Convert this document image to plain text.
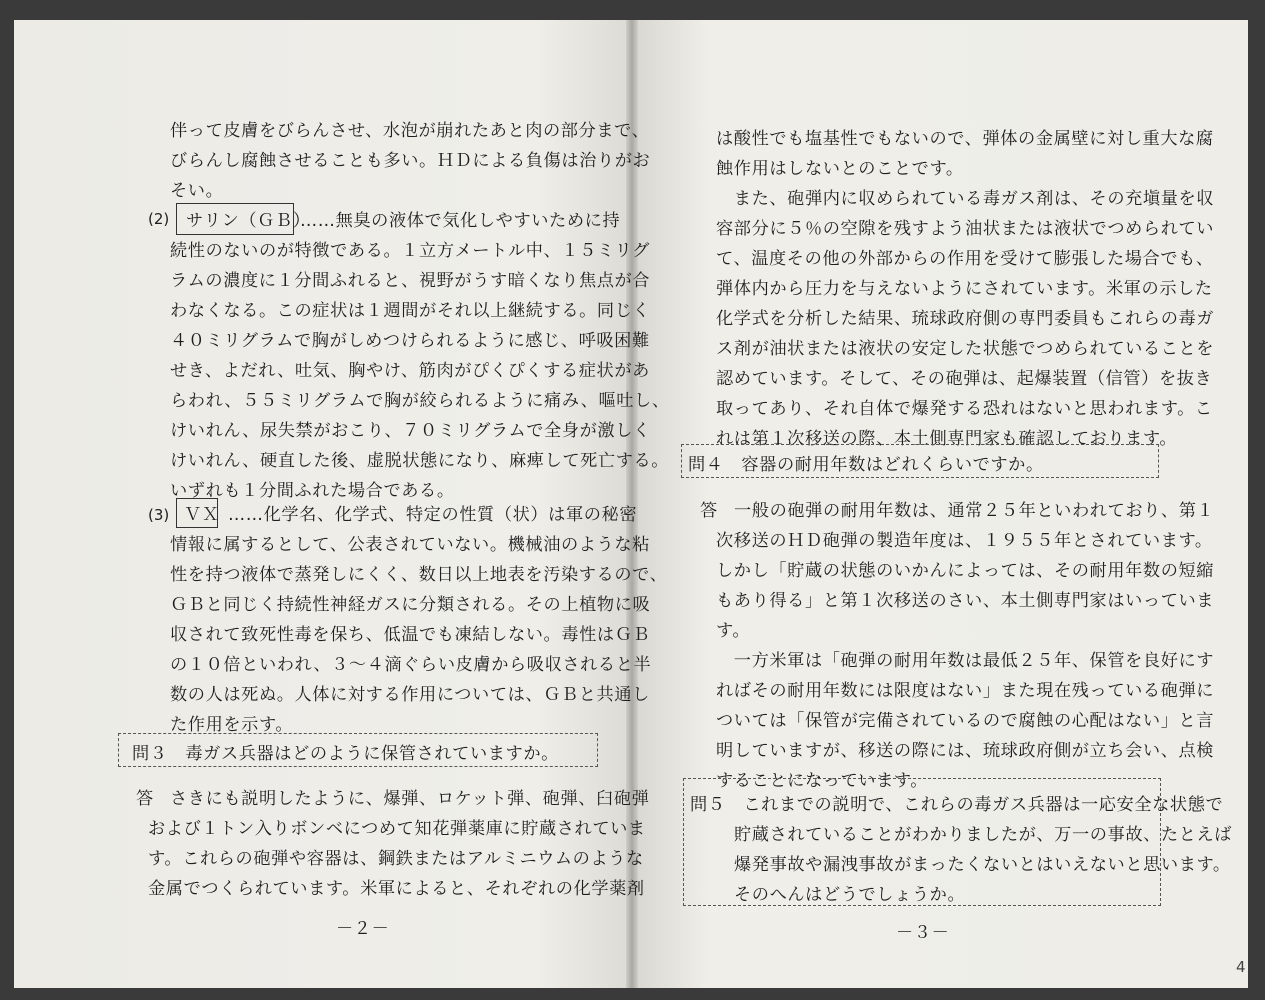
伴って皮膚をびらんさせ、水泡が崩れたあと肉の部分まで、
びらんし腐蝕させることも多い。ＨＤによる負傷は治りがお
そい。
(2) サリン（ＧＢ）
……無臭の液体で気化しやすいために持
続性のないのが特徴である。１立方メートル中、１５ミリグ
ラムの濃度に１分間ふれると、視野がうす暗くなり焦点が合
わなくなる。この症状は１週間がそれ以上継続する。同じく
４０ミリグラムで胸がしめつけられるように感じ、呼吸困難
せき、よだれ、吐気、胸やけ、筋肉がぴくぴくする症状があ
らわれ、５５ミリグラムで胸が絞られるように痛み、嘔吐し、
けいれん、尿失禁がおこり、７０ミリグラムで全身が激しく
けいれん、硬直した後、虚脱状態になり、麻痺して死亡する。
いずれも１分間ふれた場合である。
(3) ＶＸ ……化学名、化学式、特定の性質（状）は軍の秘密
情報に属するとして、公表されていない。機械油のような粘
性を持つ液体で蒸発しにくく、数日以上地表を汚染するので、
ＧＢと同じく持続性神経ガスに分類される。その上植物に吸
収されて致死性毒を保ち、低温でも凍結しない。毒性はＧＢ
の１０倍といわれ、３〜４滴ぐらい皮膚から吸収されると半
数の人は死ぬ。人体に対する作用については、ＧＢと共通し
た作用を示す。
問３　毒ガス兵器はどのように保管されていますか。
答 さきにも説明したように、爆弾、ロケット弾、砲弾、臼砲弾
および１トン入りボンベにつめて知花弾薬庫に貯蔵されていま
す。これらの砲弾や容器は、鋼鉄またはアルミニウムのような
金属でつくられています。米軍によると、それぞれの化学薬剤
－２－
は酸性でも塩基性でもないので、弾体の金属壁に対し重大な腐
蝕作用はしないとのことです。
　また、砲弾内に収められている毒ガス剤は、その充塡量を収
容部分に５％の空隙を残すよう油状または液状でつめられてい
て、温度その他の外部からの作用を受けて膨張した場合でも、
弾体内から圧力を与えないようにされています。米軍の示した
化学式を分析した結果、琉球政府側の専門委員もこれらの毒ガ
ス剤が油状または液状の安定した状態でつめられていることを
認めています。そして、その砲弾は、起爆装置（信管）を抜き
取ってあり、それ自体で爆発する恐れはないと思われます。こ
れは第１次移送の際、本土側専門家も確認しております。
問４　容器の耐用年数はどれくらいですか。
答 一般の砲弾の耐用年数は、通常２５年といわれており、第１
次移送のＨＤ砲弾の製造年度は、１９５５年とされています。
しかし「貯蔵の状態のいかんによっては、その耐用年数の短縮
もあり得る」と第１次移送のさい、本土側専門家はいっていま
す。
　一方米軍は「砲弾の耐用年数は最低２５年、保管を良好にす
ればその耐用年数には限度はない」また現在残っている砲弾に
ついては「保管が完備されているので腐蝕の心配はない」と言
明していますが、移送の際には、琉球政府側が立ち会い、点検
することになっています。
問５　これまでの説明で、これらの毒ガス兵器は一応安全な状態で
貯蔵されていることがわかりましたが、万一の事故、たとえば
爆発事故や漏洩事故がまったくないとはいえないと思います。
そのへんはどうでしょうか。
－３－
4
